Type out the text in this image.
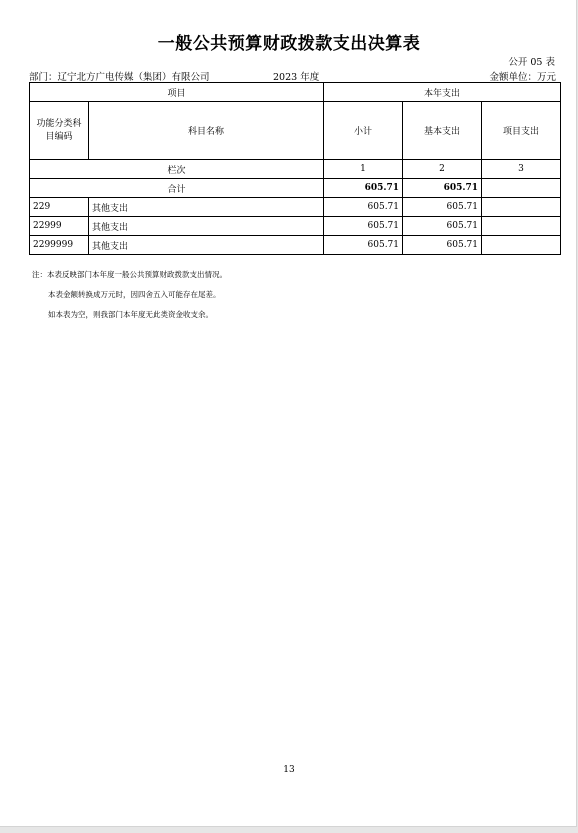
一般公共预算财政拨款支出决算表
公开 05 表
部门：辽宁北方广电传媒（集团）有限公司	2023 年度	金额单位：万元
项目		本年支出		
功能分类科目编码	科目名称	小计	基本支出	项目支出
栏次		1	2	3
合计		605.71	605.71	
229	其他支出	605.71	605.71	
22999	其他支出	605.71	605.71	
2299999	其他支出	605.71	605.71	
注：本表反映部门本年度一般公共预算财政拨款支出情况。
本表金额转换成万元时，因四舍五入可能存在尾差。
如本表为空，则我部门本年度无此类资金收支余。
13
